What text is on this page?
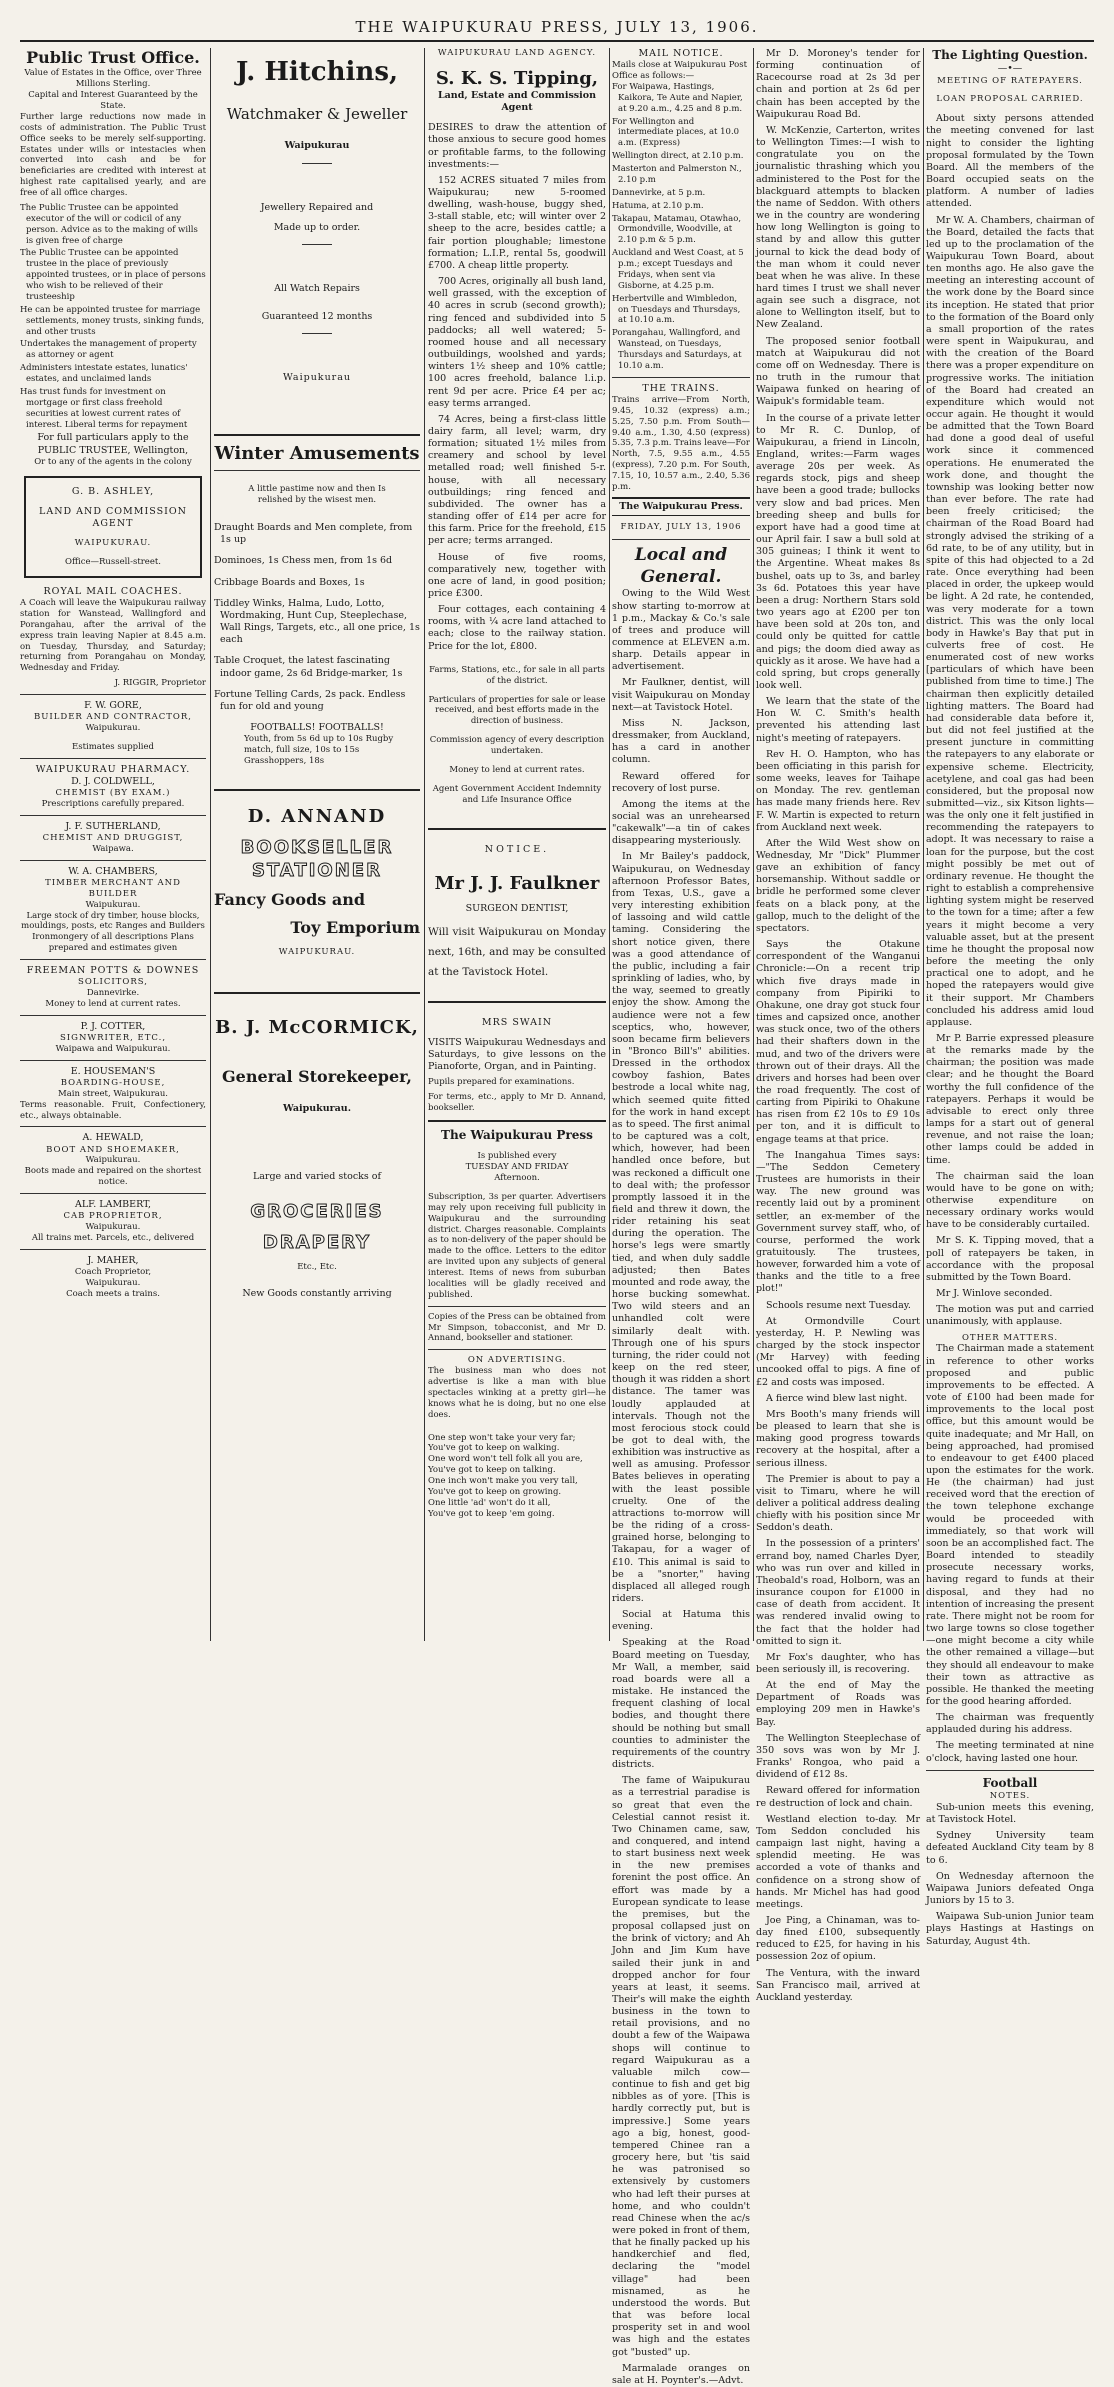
THE WAIPUKURAU PRESS, JULY 13, 1906.
Public Trust Office.
Value of Estates in the Office, over Three Millions Sterling.
Capital and Interest Guaranteed by the State.

Further large reductions now made in costs of administration. The Public Trust Office seeks to be merely self-supporting. Estates under wills or intestacies when converted into cash and be for beneficiaries are credited with interest at highest rate capitalised yearly, and are free of all office charges.

The Public Trustee can be appointed executor of the will or codicil of any person. Advice as to the making of wills is given free of charge
The Public Trustee can be appointed trustee in the place of previously appointed trustees, or in place of persons who wish to be relieved of their trusteeship
He can be appointed trustee for marriage settlements, money trusts, sinking funds, and other trusts
Undertakes the management of property as attorney or agent
Administers intestate estates, lunatics' estates, and unclaimed lands
Has trust funds for investment on mortgage or first class freehold securities at lowest current rates of interest. Liberal terms for repayment
For full particulars apply to the PUBLIC TRUSTEE, Wellington,
Or to any of the agents in the colony
G. B. ASHLEY,
LAND AND COMMISSION AGENT
WAIPUKURAU.
Office—Russell-street.
ROYAL MAIL COACHES.

A Coach will leave the Waipukurau railway station for Wanstead, Wallingford and Porangahau, after the arrival of the express train leaving Napier at 8.45 a.m. on Tuesday, Thursday, and Saturday; returning from Porangahau on Monday, Wednesday and Friday.

J. RIGGIR, Proprietor
F. W. GORE,
BUILDER AND CONTRACTOR,
Waipukurau.
Estimates supplied
WAIPUKURAU PHARMACY.
D. J. COLDWELL,
CHEMIST (BY EXAM.)
Prescriptions carefully prepared.
J. F. SUTHERLAND,
CHEMIST AND DRUGGIST,
Waipawa.
W. A. CHAMBERS,
TIMBER MERCHANT AND BUILDER
Waipukurau.

Large stock of dry timber, house blocks, mouldings, posts, etc Ranges and Builders Ironmongery of all descriptions Plans prepared and estimates given

FREEMAN POTTS & DOWNES
SOLICITORS,
Dannevirke.
Money to lend at current rates.
P. J. COTTER,
SIGNWRITER, ETC.,
Waipawa and Waipukurau.
E. HOUSEMAN'S
BOARDING-HOUSE,
Main street, Waipukurau.

Terms reasonable. Fruit, Confectionery, etc., always obtainable.

A. HEWALD,
BOOT AND SHOEMAKER,
Waipukurau.

Boots made and repaired on the shortest notice.

ALF. LAMBERT,
CAB PROPRIETOR,
Waipukurau.
All trains met. Parcels, etc., delivered
J. MAHER,
Coach Proprietor,
Waipukurau.
Coach meets a trains.
J. Hitchins,
Watchmaker & Jeweller
Waipukurau
Jewellery Repaired and
Made up to order.
All Watch Repairs
Guaranteed 12 months
Waipukurau
Winter Amusements
A little pastime now and then Is relished by the wisest men.
Draught Boards and Men complete, from 1s up
Dominoes, 1s Chess men, from 1s 6d
Cribbage Boards and Boxes, 1s
Tiddley Winks, Halma, Ludo, Lotto, Wordmaking, Hunt Cup, Steeplechase, Wall Rings, Targets, etc., all one price, 1s each
Table Croquet, the latest fascinating indoor game, 2s 6d Bridge-marker, 1s
Fortune Telling Cards, 2s pack. Endless fun for old and young
FOOTBALLS! FOOTBALLS!
Youth, from 5s 6d up to 10s Rugby match, full size, 10s to 15s Grasshoppers, 18s
D. ANNAND
BOOKSELLER
STATIONER
Fancy Goods and
Toy Emporium
WAIPUKURAU.
B. J. McCORMICK,
General Storekeeper,
Waipukurau.
Large and varied stocks of
GROCERIES
DRAPERY
Etc., Etc.
New Goods constantly arriving
WAIPUKURAU LAND AGENCY.
S. K. S. Tipping,
Land, Estate and Commission Agent

DESIRES to draw the attention of those anxious to secure good homes or profitable farms, to the following investments:—

152 ACRES situated 7 miles from Waipukurau; new 5-roomed dwelling, wash-house, buggy shed, 3-stall stable, etc; will winter over 2 sheep to the acre, besides cattle; a fair portion ploughable; limestone formation; L.I.P., rental 5s, goodwill £700. A cheap little property.

700 Acres, originally all bush land, well grassed, with the exception of 40 acres in scrub (second growth); ring fenced and subdivided into 5 paddocks; all well watered; 5-roomed house and all necessary outbuildings, woolshed and yards; winters 1½ sheep and 10% cattle; 100 acres freehold, balance l.i.p. rent 9d per acre. Price £4 per ac; easy terms arranged.

74 Acres, being a first-class little dairy farm, all level; warm, dry formation; situated 1½ miles from creamery and school by level metalled road; well finished 5-r. house, with all necessary outbuildings; ring fenced and subdivided. The owner has a standing offer of £14 per acre for this farm. Price for the freehold, £15 per acre; terms arranged.

House of five rooms, comparatively new, together with one acre of land, in good position; price £300.

Four cottages, each containing 4 rooms, with ¼ acre land attached to each; close to the railway station. Price for the lot, £800.

Farms, Stations, etc., for sale in all parts of the district.
Particulars of properties for sale or lease received, and best efforts made in the direction of business.
Commission agency of every description undertaken.
Money to lend at current rates.
Agent Government Accident Indemnity and Life Insurance Office
NOTICE.
Mr J. J. Faulkner
SURGEON DENTIST,

Will visit Waipukurau on Monday next, 16th, and may be consulted at the Tavistock Hotel.

MRS SWAIN

VISITS Waipukurau Wednesdays and Saturdays, to give lessons on the Pianoforte, Organ, and in Painting.

Pupils prepared for examinations.

For terms, etc., apply to Mr D. Annand, bookseller.

The Waipukurau Press
Is published every
TUESDAY AND FRIDAY
Afternoon.

Subscription, 3s per quarter. Advertisers may rely upon receiving full publicity in Waipukurau and the surrounding district. Charges reasonable. Complaints as to non-delivery of the paper should be made to the office. Letters to the editor are invited upon any subjects of general interest. Items of news from suburban localities will be gladly received and published.

Copies of the Press can be obtained from Mr Simpson, tobacconist, and Mr D. Annand, bookseller and stationer.

ON ADVERTISING.

The business man who does not advertise is like a man with blue spectacles winking at a pretty girl—he knows what he is doing, but no one else does.

One step won't take your very far;
You've got to keep on walking.
One word won't tell folk all you are,
You've got to keep on talking.
One inch won't make you very tall,
You've got to keep on growing.
One little 'ad' won't do it all,
You've got to keep 'em going.
MAIL NOTICE.
Mails close at Waipukurau Post Office as follows:—
For Waipawa, Hastings, Kaikora, Te Aute and Napier, at 9.20 a.m., 4.25 and 8 p.m.
For Wellington and intermediate places, at 10.0 a.m. (Express)
Wellington direct, at 2.10 p.m.
Masterton and Palmerston N., 2.10 p.m
Dannevirke, at 5 p.m.
Hatuma, at 2.10 p.m.
Takapau, Matamau, Otawhao, Ormondville, Woodville, at 2.10 p.m & 5 p.m.
Auckland and West Coast, at 5 p.m.; except Tuesdays and Fridays, when sent via Gisborne, at 4.25 p.m.
Herbertville and Wimbledon, on Tuesdays and Thursdays, at 10.10 a.m.
Porangahau, Wallingford, and Wanstead, on Tuesdays, Thursdays and Saturdays, at 10.10 a.m.
THE TRAINS.

Trains arrive—From North, 9.45, 10.32 (express) a.m.; 5.25, 7.50 p.m. From South—9.40 a.m., 1.30, 4.50 (express) 5.35, 7.3 p.m. Trains leave—For North, 7.5, 9.55 a.m., 4.55 (express), 7.20 p.m. For South, 7.15, 10, 10.57 a.m., 2.40, 5.36 p.m.

The Waipukurau Press.
FRIDAY, JULY 13, 1906
Local and General.

Owing to the Wild West show starting to-morrow at 1 p.m., Mackay & Co.'s sale of trees and produce will commence at ELEVEN a.m. sharp. Details appear in advertisement.

Mr Faulkner, dentist, will visit Waipukurau on Monday next—at Tavistock Hotel.

Miss N. Jackson, dressmaker, from Auckland, has a card in another column.

Reward offered for recovery of lost purse.

Among the items at the social was an unrehearsed "cakewalk"—a tin of cakes disappearing mysteriously.

In Mr Bailey's paddock, Waipukurau, on Wednesday afternoon Professor Bates, from Texas, U.S., gave a very interesting exhibition of lassoing and wild cattle taming. Considering the short notice given, there was a good attendance of the public, including a fair sprinkling of ladies, who, by the way, seemed to greatly enjoy the show. Among the audience were not a few sceptics, who, however, soon became firm believers in "Bronco Bill's" abilities. Dressed in the orthodox cowboy fashion, Bates bestrode a local white nag, which seemed quite fitted for the work in hand except as to speed. The first animal to be captured was a colt, which, however, had been handled once before, but was reckoned a difficult one to deal with; the professor promptly lassoed it in the field and threw it down, the rider retaining his seat during the operation. The horse's legs were smartly tied, and when duly saddle adjusted; then Bates mounted and rode away, the horse bucking somewhat. Two wild steers and an unhandled colt were similarly dealt with. Through one of his spurs turning, the rider could not keep on the red steer, though it was ridden a short distance. The tamer was loudly applauded at intervals. Though not the most ferocious stock could be got to deal with, the exhibition was instructive as well as amusing. Professor Bates believes in operating with the least possible cruelty. One of the attractions to-morrow will be the riding of a cross-grained horse, belonging to Takapau, for a wager of £10. This animal is said to be a "snorter," having displaced all alleged rough riders.

Social at Hatuma this evening.

Speaking at the Road Board meeting on Tuesday, Mr Wall, a member, said road boards were all a mistake. He instanced the frequent clashing of local bodies, and thought there should be nothing but small counties to administer the requirements of the country districts.

The fame of Waipukurau as a terrestrial paradise is so great that even the Celestial cannot resist it. Two Chinamen came, saw, and conquered, and intend to start business next week in the new premises forenint the post office. An effort was made by a European syndicate to lease the premises, but the proposal collapsed just on the brink of victory; and Ah John and Jim Kum have sailed their junk in and dropped anchor for four years at least, it seems. Their's will make the eighth business in the town to retail provisions, and no doubt a few of the Waipawa shops will continue to regard Waipukurau as a valuable milch cow—continue to fish and get big nibbles as of yore. [This is hardly correctly put, but is impressive.] Some years ago a big, honest, good-tempered Chinee ran a grocery here, but 'tis said he was patronised so extensively by customers who had left their purses at home, and who couldn't read Chinese when the ac/s were poked in front of them, that he finally packed up his handkerchief and fled, declaring the "model village" had been misnamed, as he understood the words. But that was before local prosperity set in and wool was high and the estates got "busted" up.

Marmalade oranges on sale at H. Poynter's.—Advt.

Mr D. Moroney's tender for forming continuation of Racecourse road at 2s 3d per chain and portion at 2s 6d per chain has been accepted by the Waipukurau Road Bd.

W. McKenzie, Carterton, writes to Wellington Times:—I wish to congratulate you on the journalistic thrashing which you administered to the Post for the blackguard attempts to blacken the name of Seddon. With others we in the country are wondering how long Wellington is going to stand by and allow this gutter journal to kick the dead body of the man whom it could never beat when he was alive. In these hard times I trust we shall never again see such a disgrace, not alone to Wellington itself, but to New Zealand.

The proposed senior football match at Waipukurau did not come off on Wednesday. There is no truth in the rumour that Waipawa funked on hearing of Waipuk's formidable team.

In the course of a private letter to Mr R. C. Dunlop, of Waipukurau, a friend in Lincoln, England, writes:—Farm wages average 20s per week. As regards stock, pigs and sheep have been a good trade; bullocks very slow and bad prices. Men breeding sheep and bulls for export have had a good time at our April fair. I saw a bull sold at 305 guineas; I think it went to the Argentine. Wheat makes 8s bushel, oats up to 3s, and barley 3s 6d. Potatoes this year have been a drug: Northern Stars sold two years ago at £200 per ton have been sold at 20s ton, and could only be quitted for cattle and pigs; the doom died away as quickly as it arose. We have had a cold spring, but crops generally look well.

We learn that the state of the Hon W. C. Smith's health prevented his attending last night's meeting of ratepayers.

Rev H. O. Hampton, who has been officiating in this parish for some weeks, leaves for Taihape on Monday. The rev. gentleman has made many friends here. Rev F. W. Martin is expected to return from Auckland next week.

After the Wild West show on Wednesday, Mr "Dick" Plummer gave an exhibition of fancy horsemanship. Without saddle or bridle he performed some clever feats on a black pony, at the gallop, much to the delight of the spectators.

Says the Otakune correspondent of the Wanganui Chronicle:—On a recent trip which five drays made in company from Pipiriki to Ohakune, one dray got stuck four times and capsized once, another was stuck once, two of the others had their shafters down in the mud, and two of the drivers were thrown out of their drays. All the drivers and horses had been over the road frequently. The cost of carting from Pipiriki to Ohakune has risen from £2 10s to £9 10s per ton, and it is difficult to engage teams at that price.

The Inangahua Times says:—"The Seddon Cemetery Trustees are humorists in their way. The new ground was recently laid out by a prominent settler, an ex-member of the Government survey staff, who, of course, performed the work gratuitously. The trustees, however, forwarded him a vote of thanks and the title to a free plot!"

Schools resume next Tuesday.

At Ormondville Court yesterday, H. P. Newling was charged by the stock inspector (Mr Harvey) with feeding uncooked offal to pigs. A fine of £2 and costs was imposed.

A fierce wind blew last night.

Mrs Booth's many friends will be pleased to learn that she is making good progress towards recovery at the hospital, after a serious illness.

The Premier is about to pay a visit to Timaru, where he will deliver a political address dealing chiefly with his position since Mr Seddon's death.

In the possession of a printers' errand boy, named Charles Dyer, who was run over and killed in Theobald's road, Holborn, was an insurance coupon for £1000 in case of death from accident. It was rendered invalid owing to the fact that the holder had omitted to sign it.

Mr Fox's daughter, who has been seriously ill, is recovering.

At the end of May the Department of Roads was employing 209 men in Hawke's Bay.

The Wellington Steeplechase of 350 sovs was won by Mr J. Franks' Rongoa, who paid a dividend of £12 8s.

Reward offered for information re destruction of lock and chain.

Westland election to-day. Mr Tom Seddon concluded his campaign last night, having a splendid meeting. He was accorded a vote of thanks and confidence on a strong show of hands. Mr Michel has had good meetings.

Joe Ping, a Chinaman, was to-day fined £100, subsequently reduced to £25, for having in his possession 2oz of opium.

The Ventura, with the inward San Francisco mail, arrived at Auckland yesterday.

The Lighting Question.
—•—
MEETING OF RATEPAYERS.
LOAN PROPOSAL CARRIED.

About sixty persons attended the meeting convened for last night to consider the lighting proposal formulated by the Town Board. All the members of the Board occupied seats on the platform. A number of ladies attended.

Mr W. A. Chambers, chairman of the Board, detailed the facts that led up to the proclamation of the Waipukurau Town Board, about ten months ago. He also gave the meeting an interesting account of the work done by the Board since its inception. He stated that prior to the formation of the Board only a small proportion of the rates were spent in Waipukurau, and with the creation of the Board there was a proper expenditure on progressive works. The initiation of the Board had created an expenditure which would not occur again. He thought it would be admitted that the Town Board had done a good deal of useful work since it commenced operations. He enumerated the work done, and thought the township was looking better now than ever before. The rate had been freely criticised; the chairman of the Road Board had strongly advised the striking of a 6d rate, to be of any utility, but in spite of this had objected to a 2d rate. Once everything had been placed in order, the upkeep would be light. A 2d rate, he contended, was very moderate for a town district. This was the only local body in Hawke's Bay that put in culverts free of cost. He enumerated cost of new works [particulars of which have been published from time to time.] The chairman then explicitly detailed lighting matters. The Board had had considerable data before it, but did not feel justified at the present juncture in committing the ratepayers to any elaborate or expensive scheme. Electricity, acetylene, and coal gas had been considered, but the proposal now submitted—viz., six Kitson lights—was the only one it felt justified in recommending the ratepayers to adopt. It was necessary to raise a loan for the purpose, but the cost might possibly be met out of ordinary revenue. He thought the right to establish a comprehensive lighting system might be reserved to the town for a time; after a few years it might become a very valuable asset, but at the present time he thought the proposal now before the meeting the only practical one to adopt, and he hoped the ratepayers would give it their support. Mr Chambers concluded his address amid loud applause.

Mr P. Barrie expressed pleasure at the remarks made by the chairman; the position was made clear; and he thought the Board worthy the full confidence of the ratepayers. Perhaps it would be advisable to erect only three lamps for a start out of general revenue, and not raise the loan; other lamps could be added in time.

The chairman said the loan would have to be gone on with; otherwise expenditure on necessary ordinary works would have to be considerably curtailed.

Mr S. K. Tipping moved, that a poll of ratepayers be taken, in accordance with the proposal submitted by the Town Board.

Mr J. Winlove seconded.

The motion was put and carried unanimously, with applause.

OTHER MATTERS.

The Chairman made a statement in reference to other works proposed and public improvements to be effected. A vote of £100 had been made for improvements to the local post office, but this amount would be quite inadequate; and Mr Hall, on being approached, had promised to endeavour to get £400 placed upon the estimates for the work. He (the chairman) had just received word that the erection of the town telephone exchange would be proceeded with immediately, so that work will soon be an accomplished fact. The Board intended to steadily prosecute necessary works, having regard to funds at their disposal, and they had no intention of increasing the present rate. There might not be room for two large towns so close together—one might become a city while the other remained a village—but they should all endeavour to make their town as attractive as possible. He thanked the meeting for the good hearing afforded.

The chairman was frequently applauded during his address.

The meeting terminated at nine o'clock, having lasted one hour.

Football
NOTES.

Sub-union meets this evening, at Tavistock Hotel.

Sydney University team defeated Auckland City team by 8 to 6.

On Wednesday afternoon the Waipawa Juniors defeated Onga Juniors by 15 to 3.

Waipawa Sub-union Junior team plays Hastings at Hastings on Saturday, August 4th.
